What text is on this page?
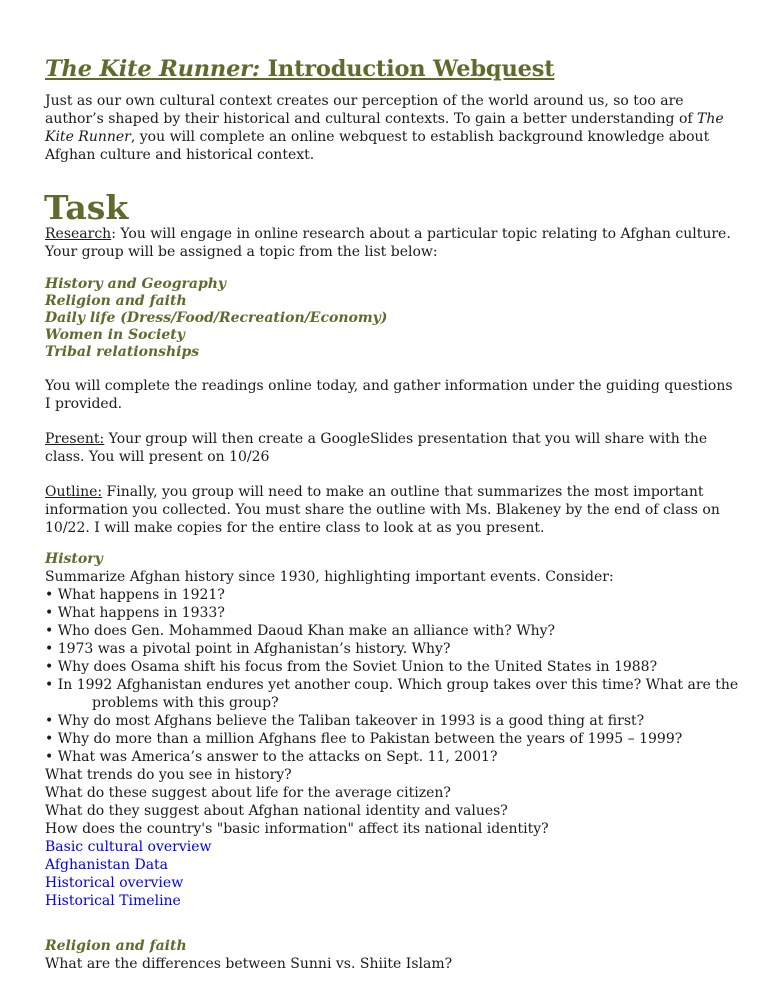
The Kite Runner: Introduction Webquest

Just as our own cultural context creates our perception of the world around us, so too are author’s shaped by their historical and cultural contexts. To gain a better understanding of The Kite Runner, you will complete an online webquest to establish background knowledge about Afghan culture and historical context.

Task

Research: You will engage in online research about a particular topic relating to Afghan culture. Your group will be assigned a topic from the list below:

History and Geography
Religion and faith
Daily life (Dress/Food/Recreation/Economy)
Women in Society
Tribal relationships

You will complete the readings online today, and gather information under the guiding questions I provided.

Present: Your group will then create a GoogleSlides presentation that you will share with the class. You will present on 10/26

Outline: Finally, you group will need to make an outline that summarizes the most important information you collected. You must share the outline with Ms. Blakeney by the end of class on 10/22. I will make copies for the entire class to look at as you present.

History
Summarize Afghan history since 1930, highlighting important events. Consider:
• What happens in 1921?
• What happens in 1933?
• Who does Gen. Mohammed Daoud Khan make an alliance with? Why?
• 1973 was a pivotal point in Afghanistan’s history. Why?
• Why does Osama shift his focus from the Soviet Union to the United States in 1988?
• In 1992 Afghanistan endures yet another coup. Which group takes over this time? What are the
problems with this group?
• Why do most Afghans believe the Taliban takeover in 1993 is a good thing at first?
• Why do more than a million Afghans flee to Pakistan between the years of 1995 – 1999?
• What was America’s answer to the attacks on Sept. 11, 2001?
What trends do you see in history?
What do these suggest about life for the average citizen?
What do they suggest about Afghan national identity and values?
How does the country's "basic information" affect its national identity?
Basic cultural overview
Afghanistan Data
Historical overview
Historical Timeline
Religion and faith
What are the differences between Sunni vs. Shiite Islam?
